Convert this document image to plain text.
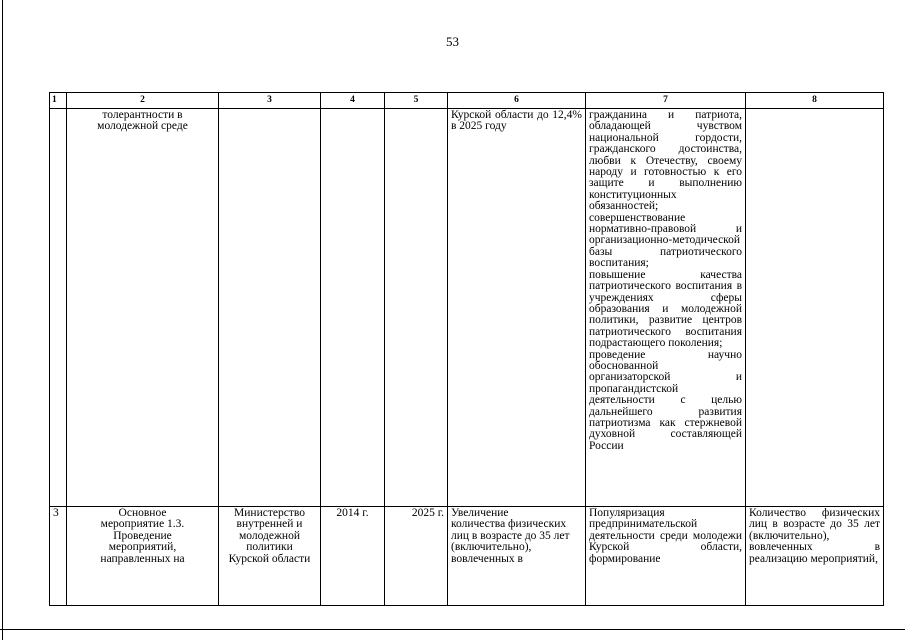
53
1	2	3	4	5	6	7	8
	толерантности в
молодежной среде				Курской области до 12,4% в 2025 году	гражданина и патриота, обладающей чувством национальной гордости, гражданского достоинства, любви к Отечеству, своему народу и готовностью к его защите и выполнению конституционных обязанностей;
совершенствование нормативно-правовой и организационно-методической базы патриотического воспитания;
повышение качества патриотического воспитания в учреждениях сферы образования и молодежной политики, развитие центров патриотического воспитания подрастающего поколения;
проведение научно обоснованной организаторской и пропагандистской деятельности с целью дальнейшего развития патриотизма как стержневой духовной составляющей России	
3	Основное
мероприятие 1.3.
Проведение
мероприятий,
направленных на	Министерство
внутренней и
молодежной
политики
Курской области	2014 г.	2025 г.	Увеличение
количества физических лиц в возрасте до 35 лет (включительно), вовлеченных в	Популяризация предпринимательской деятельности среди молодежи Курской области, формирование	Количество физических лиц в возрасте до 35 лет (включительно), вовлеченных в реализацию мероприятий,
